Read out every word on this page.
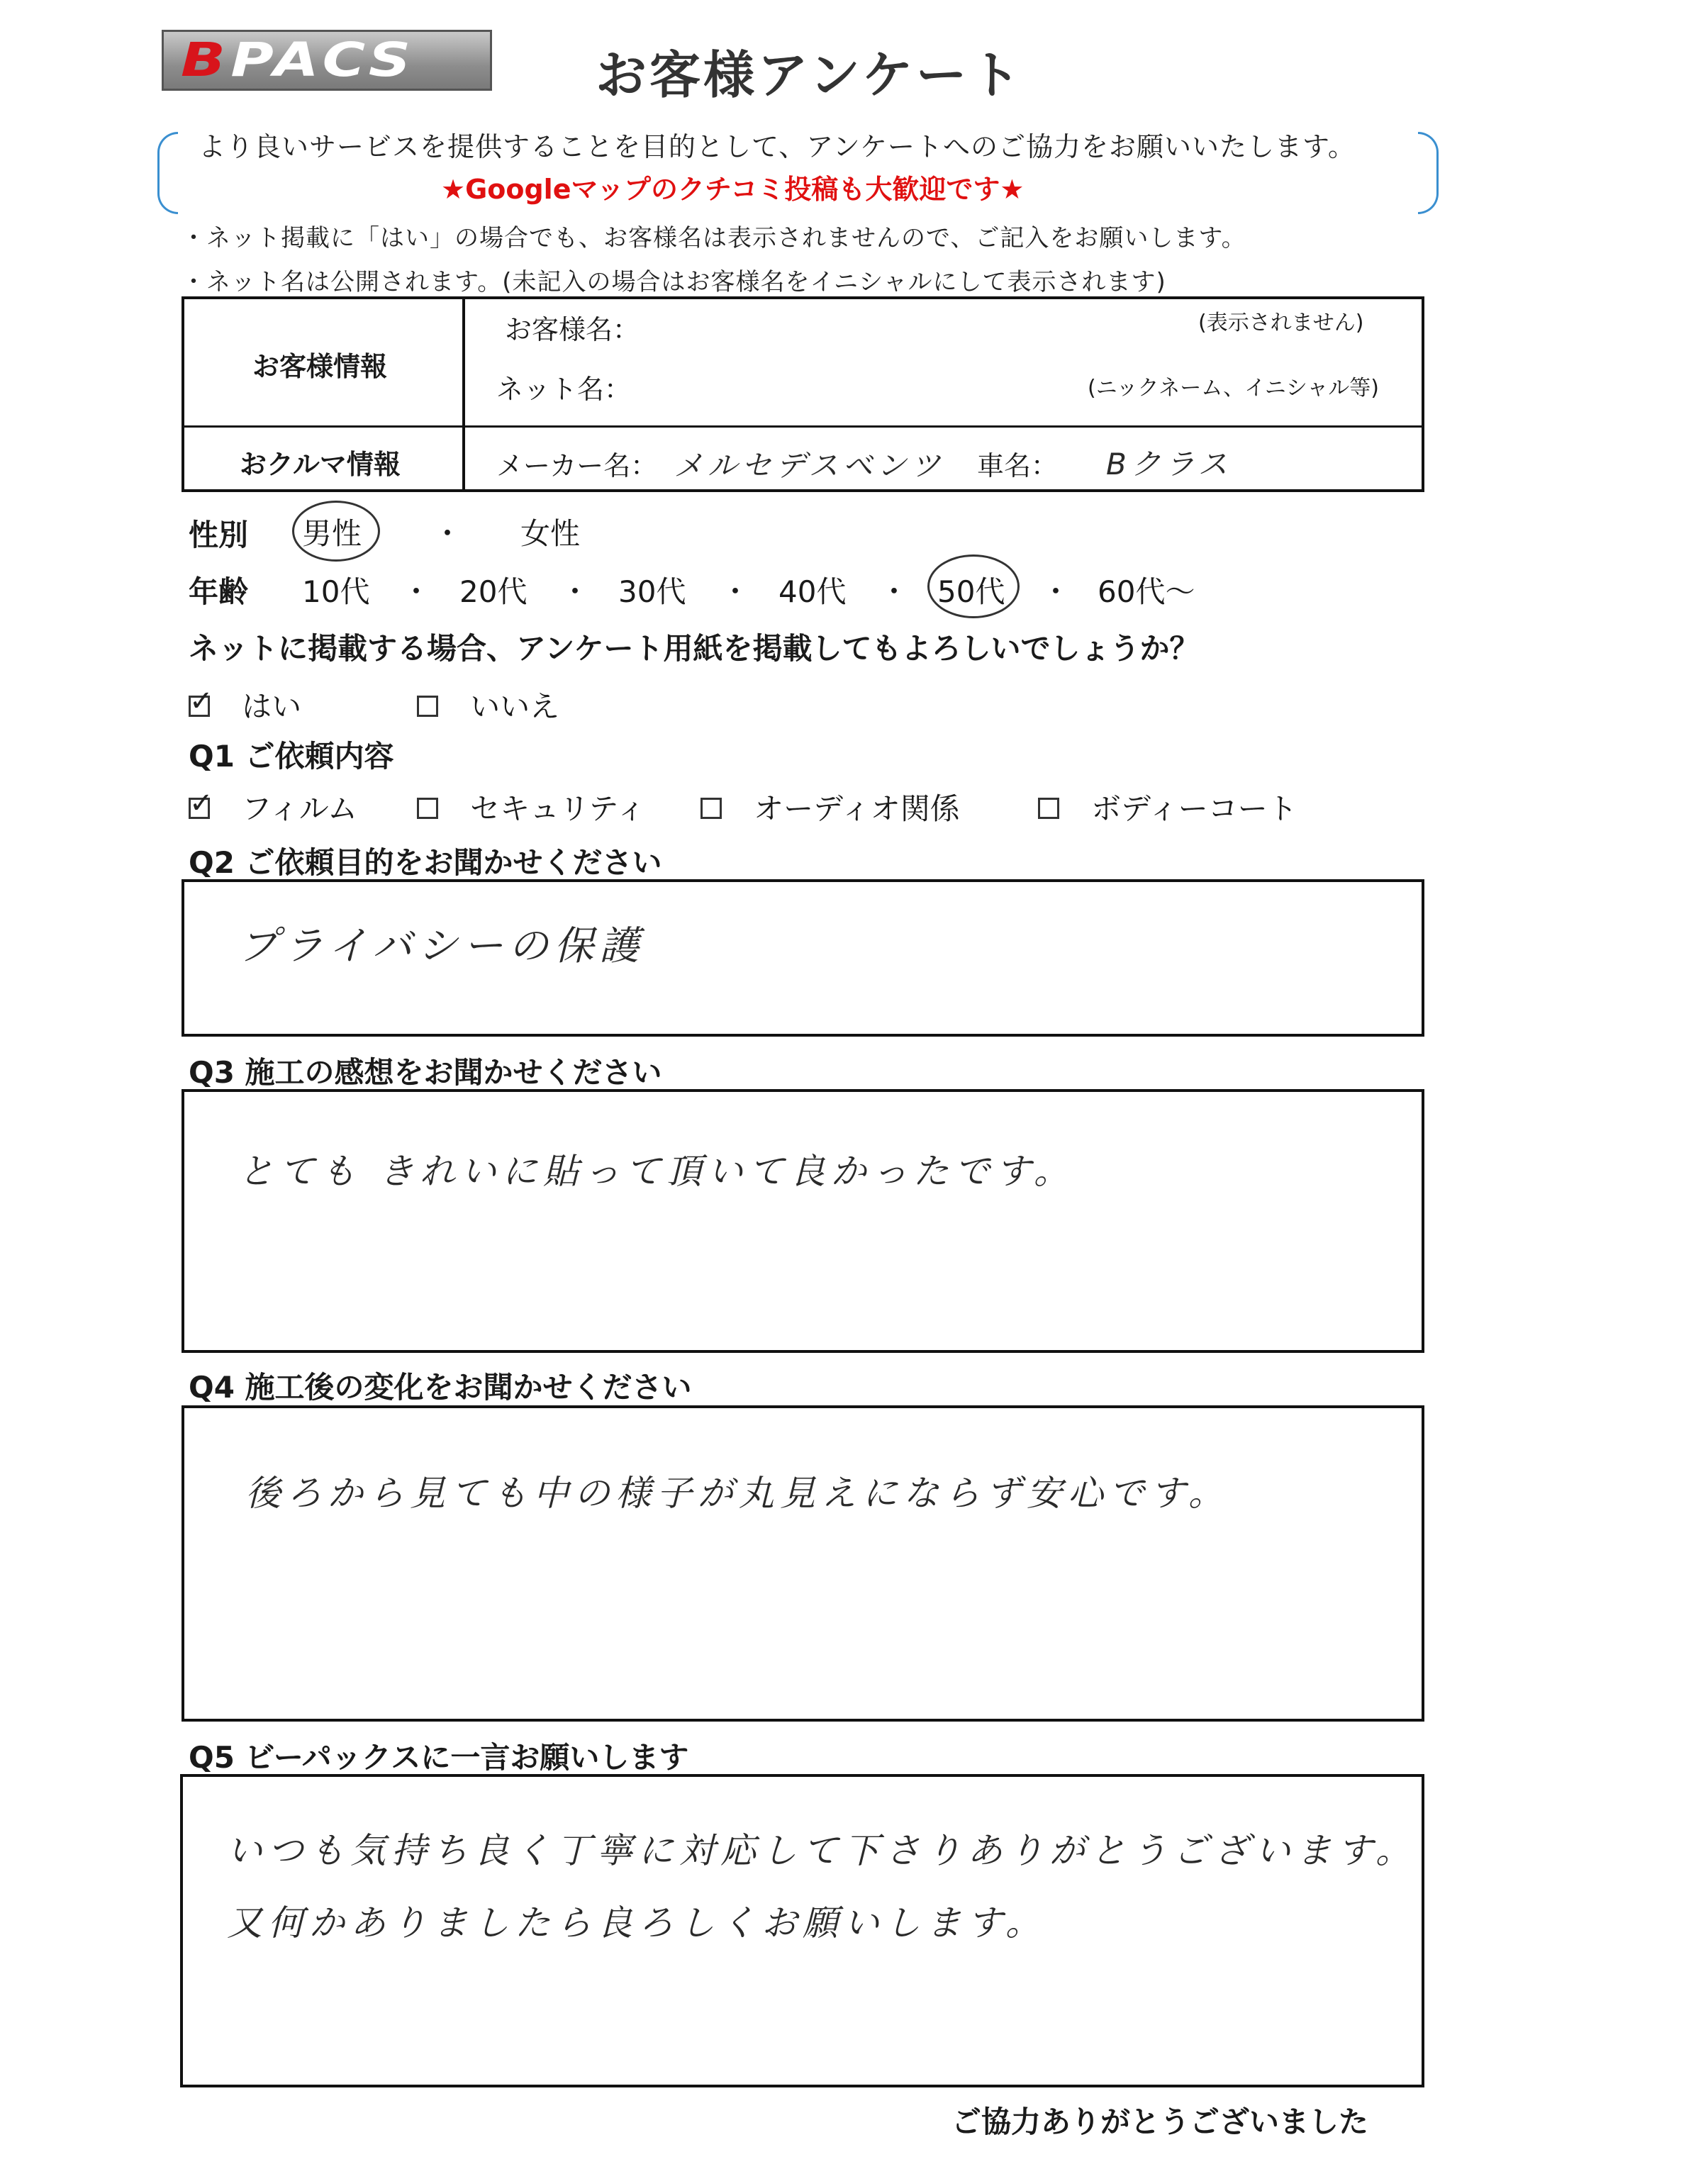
BPACS	お客様アンケート
より良いサービスを提供することを目的として、アンケートへのご協力をお願いいたします。
★Googleマップのクチコミ投稿も大歓迎です★
・ネット掲載に「はい」の場合でも、お客様名は表示されませんので、ご記入をお願いします。
・ネット名は公開されます。(未記入の場合はお客様名をイニシャルにして表示されます)
お客様情報
お客様名：	(表示されません)
ネット名：	(ニックネーム、イニシャル等)
おクルマ情報	メーカー名： メルセデスベンツ 車名： Bクラス
性別 男性 ・ 女性
年齢 10代 ・ 20代 ・ 30代 ・ 40代 ・ 50代 ・ 60代〜
ネットに掲載する場合、アンケート用紙を掲載してもよろしいでしょうか？
✓ はい	いいえ
Q1 ご依頼内容
✓ フィルム	セキュリティ	オーディオ関係	ボディーコート
Q2 ご依頼目的をお聞かせください
プライバシーの保護
Q3 施工の感想をお聞かせください
とても きれいに貼って頂いて良かったです。
Q4 施工後の変化をお聞かせください
後ろから見ても中の様子が丸見えにならず安心です。
Q5 ビーパックスに一言お願いします
いつも気持ち良く丁寧に対応して下さりありがとうございます。
又何かありましたら良ろしくお願いします。
ご協力ありがとうございました
